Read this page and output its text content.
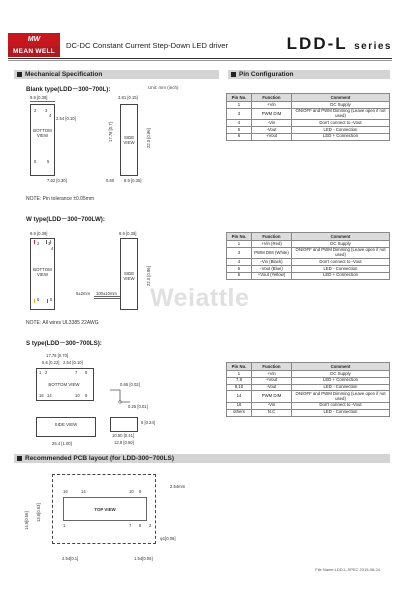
MW
MEAN WELL
DC-DC Constant Current Step-Down LED driver	LDD-L series
Mechanical Specification	Pin Configuration
Blank type(LDD－300~700L):	Unit: mm (inch)
9.9 [0.39]
2.54 [0.10]
BOTTOM VIEW
2 3
4
6	5
7.62 [0.30]
3.81 [0.15]
SIDE VIEW
17.78 [0.7]	22.0 [0.86]
0.60 8.9 [0.35]
NOTE: Pin tolerance ±0.05mm
W type(LDD－300~700LW):
9.9 [0.39]
BOTTOM VIEW
2 3
4
6	5
8.9 [0.35]
SIDE VIEW	22.0 [0.86]
5±2mm 100±10mm
NOTE: All wires UL3385 22AWG
S type(LDD－300~700LS):
17.78 [0.70]
5.6 [0.22] 2.54 [0.10]
1 2	7 8
BOTTOM VIEW
16 14	10 9
0.65 [0.02]
0.25 [0.01]
SIDE VIEW
25.4 [1.00]
6 [0.24]
10.50 [0.41]
12.8 [0.50]
Pin No.	Function	Comment
1	+Vin	DC Supply
3	PWM DIM	ON/OFF and PWM Dimming (Leave open if not used)
4	-Vin	Don't connect to -Vout
5	-Vout	LED - Connection
6	+Vout	LED + Connection
Pin No.	Function	Comment
1	+Vin (Red)	DC Supply
3	PWM DIM (White)	ON/OFF and PWM Dimming (Leave open if not used)
4	-Vin (Black)	Don't connect to -Vout
5	-Vout (Blue)	LED - Connection
6	+Vout (Yellow)	LED + Connection
Pin No.	Function	Comment
1	+Vin	DC Supply
7,8	+Vout	LED + Connection
9,10	-Vout	LED - Connection
14	PWM DIM	ON/OFF and PWM Dimming (Leave open if not used)
16	-Vin	Don't connect to -Vout
others	N.C	LED - Connection
Weiattle
Recommended PCB layout (for LDD-300~700LS)
2.54mm
14.5[0.56] 13.5[0.53]
16	14	10 9
TOP VIEW
1	7 8 2
φ1[0.06]
2.54[0.1]	1.54[0.06]
File Name:LDD-L-SPEC 2015-08-24
